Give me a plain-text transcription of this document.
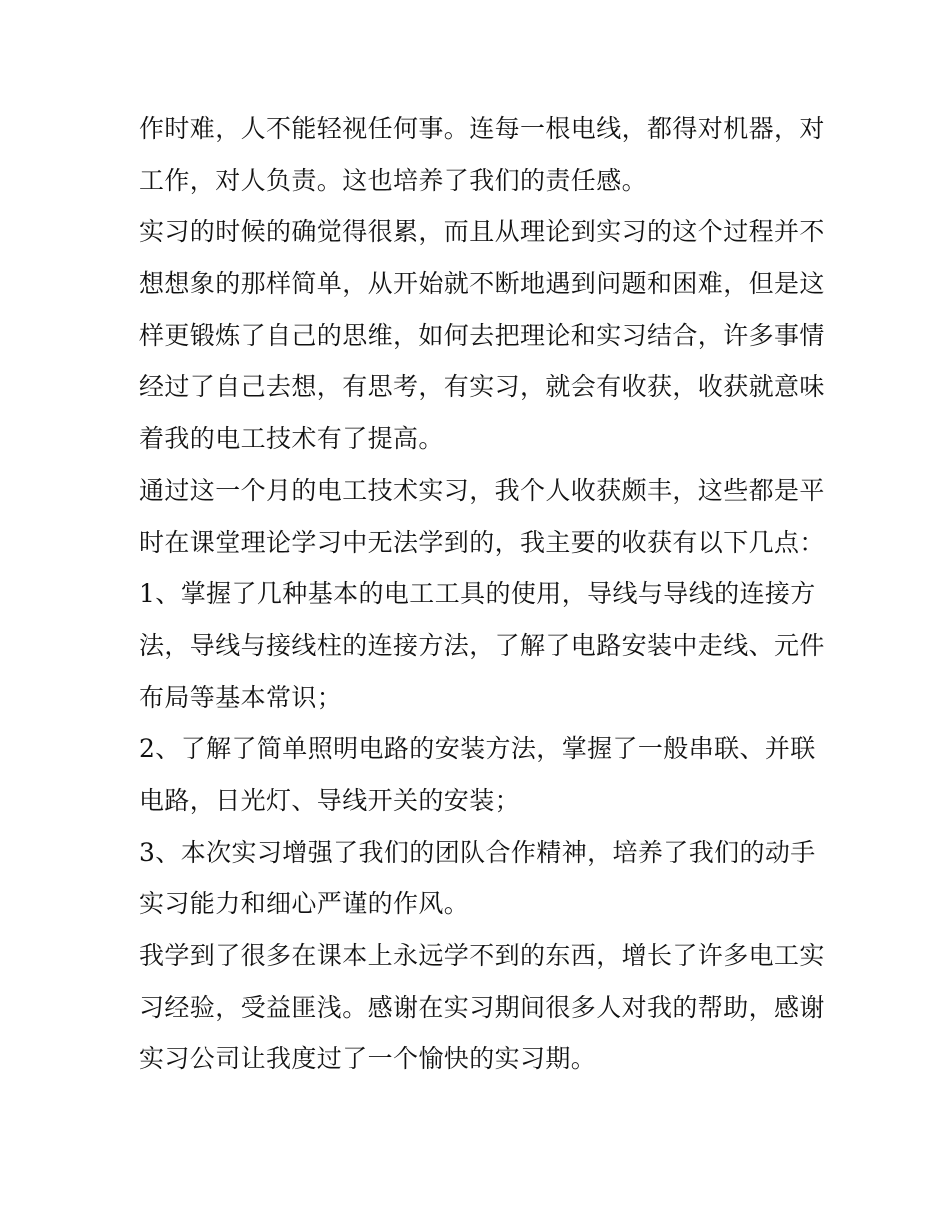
作时难，人不能轻视任何事。连每一根电线，都得对机器，对
工作，对人负责。这也培养了我们的责任感。
实习的时候的确觉得很累，而且从理论到实习的这个过程并不
想想象的那样简单，从开始就不断地遇到问题和困难，但是这
样更锻炼了自己的思维，如何去把理论和实习结合，许多事情
经过了自己去想，有思考，有实习，就会有收获，收获就意味
着我的电工技术有了提高。
通过这一个月的电工技术实习，我个人收获颇丰，这些都是平
时在课堂理论学习中无法学到的，我主要的收获有以下几点：
1、掌握了几种基本的电工工具的使用，导线与导线的连接方
法，导线与接线柱的连接方法，了解了电路安装中走线、元件
布局等基本常识；
2、了解了简单照明电路的安装方法，掌握了一般串联、并联
电路，日光灯、导线开关的安装；
3、本次实习增强了我们的团队合作精神，培养了我们的动手
实习能力和细心严谨的作风。
我学到了很多在课本上永远学不到的东西，增长了许多电工实
习经验，受益匪浅。感谢在实习期间很多人对我的帮助，感谢
实习公司让我度过了一个愉快的实习期。
